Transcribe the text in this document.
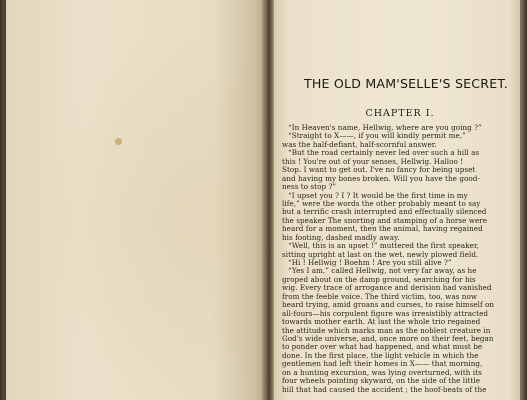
THE OLD MAM'SELLE'S SECRET.
CHAPTER I.
“In Heaven's name, Hellwig, where are you going ?”
“Straight to X——, if you will kindly permit me,”
was the half-defiant, half-scornful answer.
“But the road certainly never led over such a hill as
this ! You're out of your senses, Hellwig. Halloo !
Stop. I want to get out. I've no fancy for being upset
and having my bones broken. Will you have the good-
ness to stop ?”
“I upset you ? I ? It would be the first time in my
life,” were the words the other probably meant to say
but a terrific crash interrupted and effectually silenced
the speaker The snorting and stamping of a horse were
heard for a moment, then the animal, having regained
his footing, dashed madly away.
“Well, this is an upset !” muttered the first speaker,
sitting upright at last on the wet, newly plowed field.
“Hi ! Hellwig ! Boehm ! Are you still alive ?”
“Yes I am,” called Hellwig, not very far away, as he
groped about on the damp ground, searching for his
wig. Every trace of arrogance and derision had vanished
from the feeble voice. The third victim, too, was now
heard trying, amid groans and curses, to raise himself on
all-fours—his corpulent figure was irresistibly attracted
towards mother earth. At last the whole trio regained
the attitude which marks man as the noblest creature in
God's wide universe, and, once more on their feet, began
to ponder over what had happened, and what must be
done. In the first place, the light vehicle in which the
gentlemen had left their homes in X—— that morning,
on a hunting excursion, was lying overturned, with its
four wheels pointing skyward, on the side of the little
hill that had caused the accident ; the hoof-beats of the
